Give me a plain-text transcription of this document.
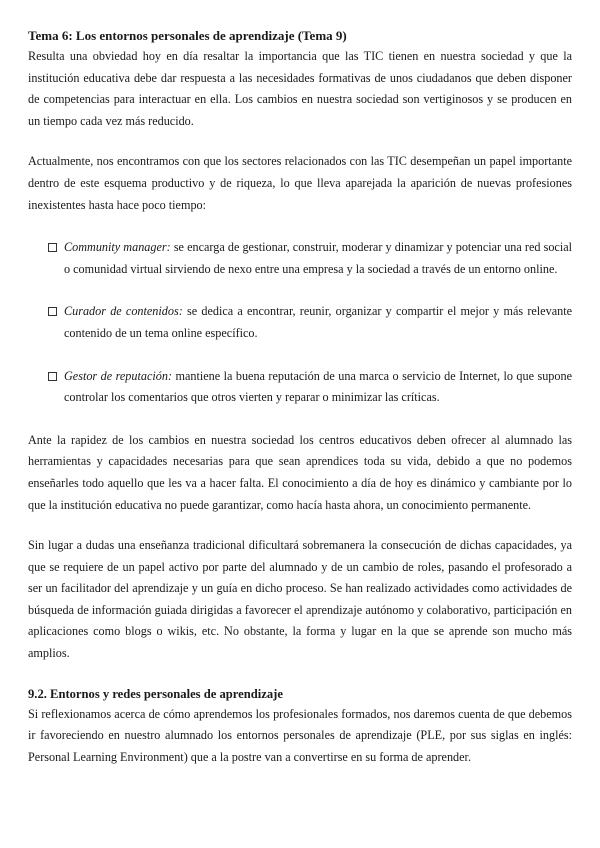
Tema 6: Los entornos personales de aprendizaje (Tema 9)

Resulta una obviedad hoy en día resaltar la importancia que las TIC tienen en nuestra sociedad y que la institución educativa debe dar respuesta a las necesidades formativas de unos ciudadanos que deben disponer de competencias para interactuar en ella. Los cambios en nuestra sociedad son vertiginosos y se producen en un tiempo cada vez más reducido.

Actualmente, nos encontramos con que los sectores relacionados con las TIC desempeñan un papel importante dentro de este esquema productivo y de riqueza, lo que lleva aparejada la aparición de nuevas profesiones inexistentes hasta hace poco tiempo:

Community manager: se encarga de gestionar, construir, moderar y dinamizar y potenciar una red social o comunidad virtual sirviendo de nexo entre una empresa y la sociedad a través de un entorno online.

Curador de contenidos: se dedica a encontrar, reunir, organizar y compartir el mejor y más relevante contenido de un tema online específico.

Gestor de reputación: mantiene la buena reputación de una marca o servicio de Internet, lo que supone controlar los comentarios que otros vierten y reparar o minimizar las críticas.

Ante la rapidez de los cambios en nuestra sociedad los centros educativos deben ofrecer al alumnado las herramientas y capacidades necesarias para que sean aprendices toda su vida, debido a que no podemos enseñarles todo aquello que les va a hacer falta. El conocimiento a día de hoy es dinámico y cambiante por lo que la institución educativa no puede garantizar, como hacía hasta ahora, un conocimiento permanente.

Sin lugar a dudas una enseñanza tradicional dificultará sobremanera la consecución de dichas capacidades, ya que se requiere de un papel activo por parte del alumnado y de un cambio de roles, pasando el profesorado a ser un facilitador del aprendizaje y un guía en dicho proceso. Se han realizado actividades como actividades de búsqueda de información guiada dirigidas a favorecer el aprendizaje autónomo y colaborativo, participación en aplicaciones como blogs o wikis, etc. No obstante, la forma y lugar en la que se aprende son mucho más amplios.

9.2. Entornos y redes personales de aprendizaje

Si reflexionamos acerca de cómo aprendemos los profesionales formados, nos daremos cuenta de que debemos ir favoreciendo en nuestro alumnado los entornos personales de aprendizaje (PLE, por sus siglas en inglés: Personal Learning Environment) que a la postre van a convertirse en su forma de aprender.
